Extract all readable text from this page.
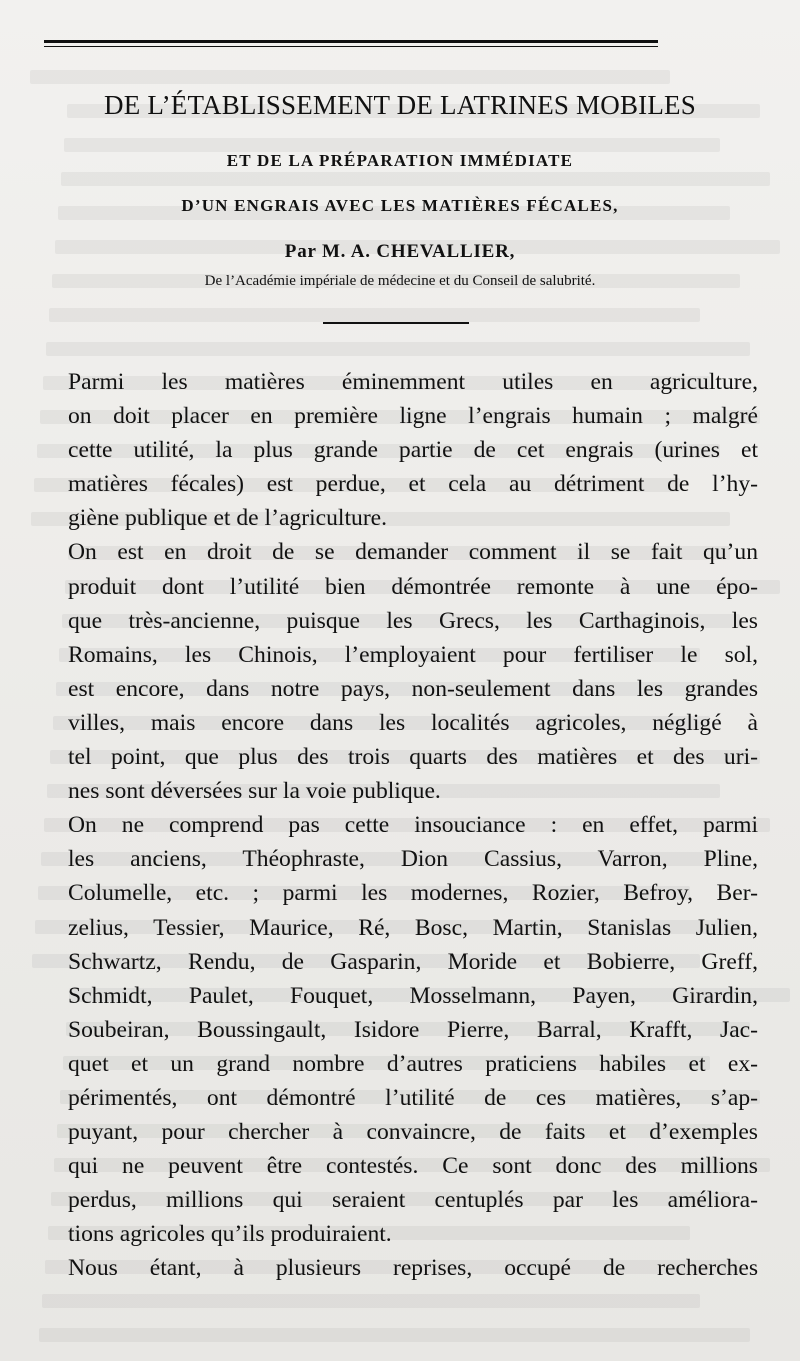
DE L’ÉTABLISSEMENT DE LATRINES MOBILES
ET DE LA PRÉPARATION IMMÉDIATE
D’UN ENGRAIS AVEC LES MATIÈRES FÉCALES,
Par M. A. CHEVALLIER,
De l’Académie impériale de médecine et du Conseil de salubrité.
Parmi les matières éminemment utiles en agriculture,
on doit placer en première ligne l’engrais humain ; malgré
cette utilité, la plus grande partie de cet engrais (urines et
matières fécales) est perdue, et cela au détriment de l’hy-
giène publique et de l’agriculture.
On est en droit de se demander comment il se fait qu’un
produit dont l’utilité bien démontrée remonte à une épo-
que très-ancienne, puisque les Grecs, les Carthaginois, les
Romains, les Chinois, l’employaient pour fertiliser le sol,
est encore, dans notre pays, non-seulement dans les grandes
villes, mais encore dans les localités agricoles, négligé à
tel point, que plus des trois quarts des matières et des uri-
nes sont déversées sur la voie publique.
On ne comprend pas cette insouciance : en effet, parmi
les anciens, Théophraste, Dion Cassius, Varron, Pline,
Columelle, etc. ; parmi les modernes, Rozier, Befroy, Ber-
zelius, Tessier, Maurice, Ré, Bosc, Martin, Stanislas Julien,
Schwartz, Rendu, de Gasparin, Moride et Bobierre, Greff,
Schmidt, Paulet, Fouquet, Mosselmann, Payen, Girardin,
Soubeiran, Boussingault, Isidore Pierre, Barral, Krafft, Jac-
quet et un grand nombre d’autres praticiens habiles et ex-
périmentés, ont démontré l’utilité de ces matières, s’ap-
puyant, pour chercher à convaincre, de faits et d’exemples
qui ne peuvent être contestés. Ce sont donc des millions
perdus, millions qui seraient centuplés par les améliora-
tions agricoles qu’ils produiraient.
Nous étant, à plusieurs reprises, occupé de recherches
